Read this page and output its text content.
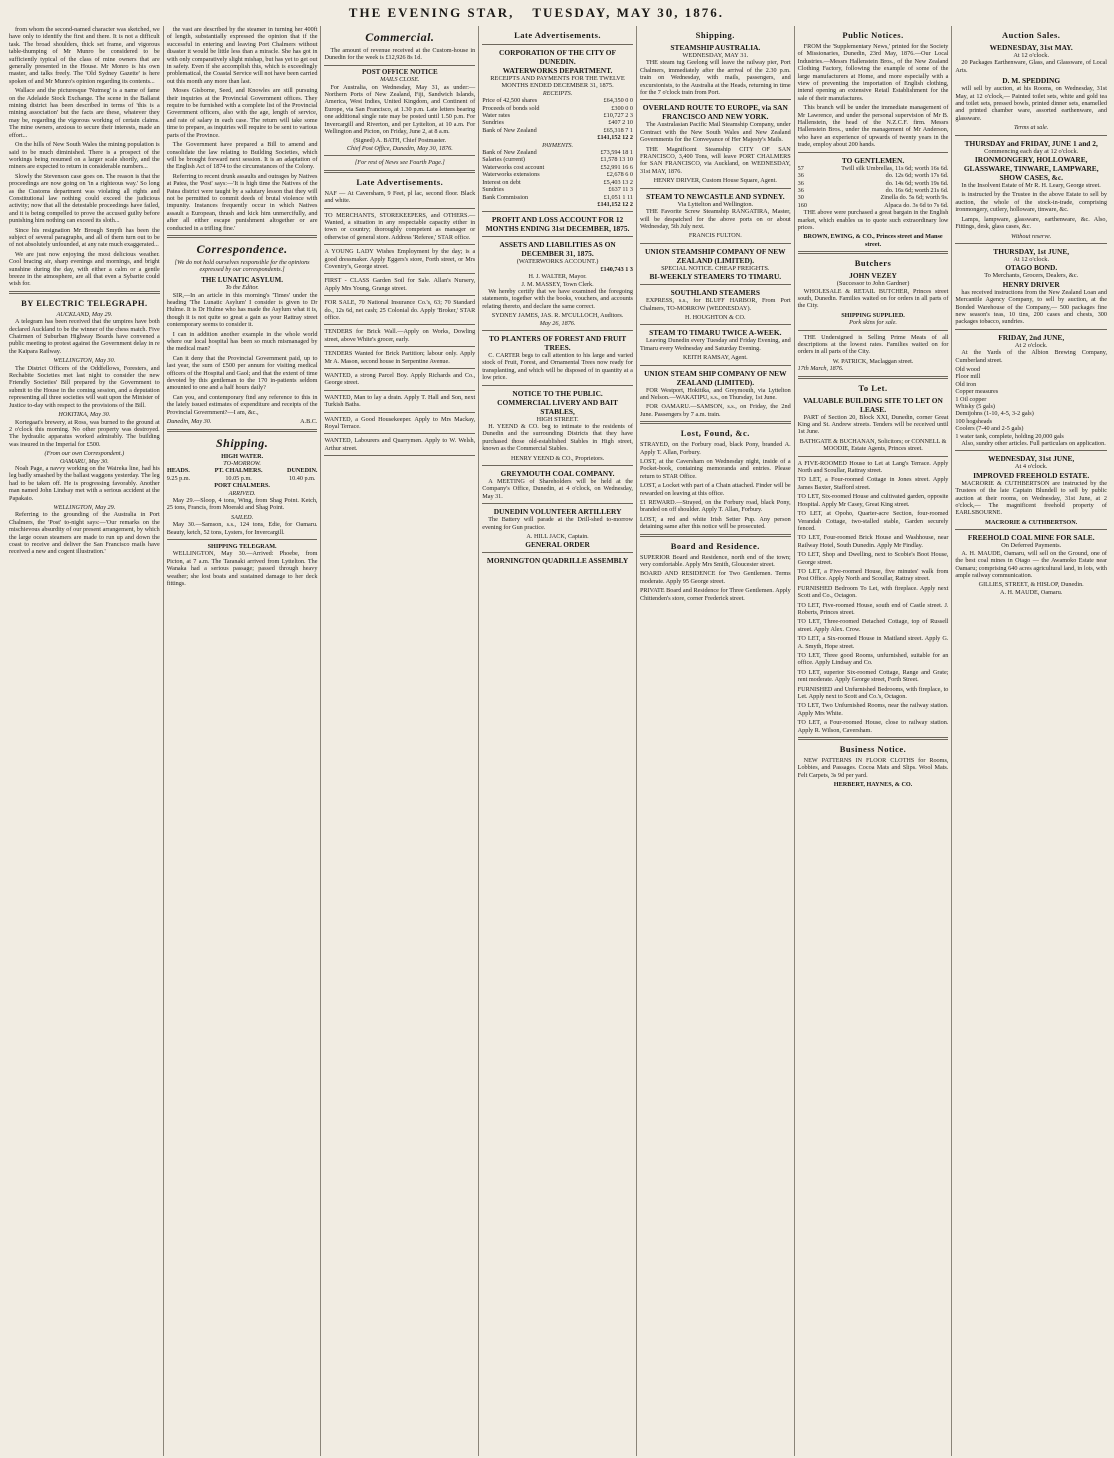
THE EVENING STAR, TUESDAY, MAY 30, 1876.

from whom the second-named character was sketched, we have only to identify the first and there. It is not a difficult task. The broad shoulders, thick set frame, and vigorous table-thumping of Mr Munro be considered to be sufficiently typical of the class of mine owners that are generally presented in the House. Mr Monro is his own master, and talks freely. The 'Old Sydney Gazette' is here spoken of and Mr Munro's opinion regarding its contents...

Wallace and the picturesque 'Nutmeg' is a name of fame on the Adelaide Stock Exchange. The scene in the Ballarat mining district has been described in terms of 'this is a mining association' but the facts are these, whatever they may be, regarding the vigorous working of certain claims. The mine owners, anxious to secure their interests, made an effort...

On the hills of New South Wales the mining population is said to be much diminished. There is a prospect of the workings being resumed on a larger scale shortly, and the miners are expected to return in considerable numbers...

Slowly the Stevenson case goes on. The reason is that the proceedings are now going on 'in a righteous way.' So long as the Customs department was violating all rights and Constitutional law nothing could exceed the judicious activity; now that all the detestable proceedings have failed, and it is being compelled to prove the accused guilty before punishing him nothing can exceed its sloth...

Since his resignation Mr Brough Smyth has been the subject of several paragraphs, and all of them turn out to be of not absolutely unfounded, at any rate much exaggerated...

We are just now enjoying the most delicious weather. Cool bracing air, sharp evenings and mornings, and bright sunshine during the day, with either a calm or a gentle breeze in the atmosphere, are all that even a Sybarite could wish for.

BY ELECTRIC TELEGRAPH.
AUCKLAND, May 29.

A telegram has been received that the umpires have both declared Auckland to be the winner of the chess match. Five Chairmen of Suburban Highway Boards have convened a public meeting to protest against the Government delay in re the Kaipara Railway.

WELLINGTON, May 30.

The District Officers of the Oddfellows, Foresters, and Rechabite Societies met last night to consider the new Friendly Societies' Bill prepared by the Government to submit to the House in the coming session, and a deputation representing all three societies will wait upon the Minister of Justice to-day with respect to the provisions of the Bill.

HOKITIKA, May 30.

Kortegaat's brewery, at Ross, was burned to the ground at 2 o'clock this morning. No other property was destroyed. The hydraulic apparatus worked admirably. The building was insured in the Imperial for £500.

(From our own Correspondent.)
OAMARU, May 30.

Noah Page, a navvy working on the Waireka line, had his leg badly smashed by the ballast waggons yesterday. The leg had to be taken off. He is progressing favorably. Another man named John Lindsay met with a serious accident at the Papakaio.

WELLINGTON, May 29.

Referring to the grounding of the Australia in Port Chalmers, the 'Post' to-night says:—'Our remarks on the mischievous absurdity of our present arrangement, by which the large ocean steamers are made to run up and down the coast to receive and deliver the San Francisco mails have received a new and cogent illustration.'

the vast are described by the steamer in turning her 400ft of length, substantially expressed the opinion that if the successful in entering and leaving Port Chalmers without disaster it would be little less than a miracle. She has got in with only comparatively slight mishap, but has yet to get out in safety. Even if she accomplish this, which is exceedingly problematical, the Coastal Service will not have been carried out this month any more than last.

Moses Gisborne, Seed, and Knowles are still pursuing their inquiries at the Provincial Government offices. They require to be furnished with a complete list of the Provincial Government officers, also with the age, length of service, and rate of salary in each case. The return will take some time to prepare, as inquiries will require to be sent to various parts of the Province.

The Government have prepared a Bill to amend and consolidate the law relating to Building Societies, which will be brought forward next session. It is an adaptation of the English Act of 1874 to the circumstances of the Colony.

Referring to recent drunk assaults and outrages by Natives at Patea, the 'Post' says:—'It is high time the Natives of the Patea district were taught by a salutary lesson that they will not be permitted to commit deeds of brutal violence with impunity. Instances frequently occur in which Natives assault a European, thrash and kick him unmercifully, and after all either escape punishment altogether or are conducted in a trifling fine.'

Correspondence.
[We do not hold ourselves responsible for the opinions expressed by our correspondents.]
THE LUNATIC ASYLUM.
To the Editor.

SIR,—In an article in this morning's 'Times' under the heading 'The Lunatic Asylum' I consider is given to Dr Hulme. It is Dr Hulme who has made the Asylum what it is, though it is not quite so great a gain as your Rattray street contemporary seems to consider it.

I can in addition another example in the whole world where our local hospital has been so much mismanaged by the medical man?

Can it deny that the Provincial Government paid, up to last year, the sum of £500 per annum for visiting medical officers of the Hospital and Gaol; and that the extent of time devoted by this gentleman to the 170 in-patients seldom amounted to one and a half hours daily?

Can you, and contemporary find any reference to this in the lately issued estimates of expenditure and receipts of the Provincial Government?—I am, &c.,

Dunedin, May 30.	A.B.C.
Shipping.
HIGH WATER.
TO-MORROW.
HEADS.
9.25 p.m.
PT. CHALMERS.
10.05 p.m.
DUNEDIN.
10.40 p.m.
PORT CHALMERS.
ARRIVED.

May 29.—Sloop, 4 tons, Wing, from Shag Point. Ketch, 25 tons, Francis, from Moeraki and Shag Point.

SAILED.

May 30.—Samson, s.s., 124 tons, Edie, for Oamaru. Beauty, ketch, 52 tons, Lysters, for Invercargill.

SHIPPING TELEGRAM.

WELLINGTON, May 30.—Arrived: Phoebe, from Picton, at 7 a.m. The Taranaki arrived from Lyttelton. The Wanaka had a serious passage; passed through heavy weather; she lost boats and sustained damage to her deck fittings.

Commercial.

The amount of revenue received at the Custom-house in Dunedin for the week is £12,926 8s 1d.

POST OFFICE NOTICE
MAILS CLOSE.

For Australia, on Wednesday, May 31, as under:— Northern Ports of New Zealand, Fiji, Sandwich Islands, America, West Indies, United Kingdom, and Continent of Europe, via San Francisco, at 1.30 p.m. Late letters bearing one additional single rate may be posted until 1.50 p.m. For Invercargill and Riverton, and per Lyttelton, at 10 a.m. For Wellington and Picton, on Friday, June 2, at 8 a.m.

(Signed) A. BATH, Chief Postmaster.
Chief Post Office, Dunedin, May 30, 1876.
[For rest of News see Fourth Page.]
Late Advertisements.
NAF — At Caversham, 9 Feet, pl lac, second floor. Black and white.
TO MERCHANTS, STOREKEEPERS, and OTHERS.—Wanted, a situation in any respectable capacity either in town or country; thoroughly competent as manager or otherwise of general store. Address 'Referee,' STAR office.
A YOUNG LADY Wishes Employment by the day; is a good dressmaker. Apply Eggers's store, Forth street, or Mrs Coventry's, George street.
FIRST - CLASS Garden Soil for Sale. Allan's Nursery, Apply Mrs Young, Grange street.
FOR SALE, 70 National Insurance Co.'s, 63; 70 Standard do., 12s 6d, net cash; 25 Colonial do. Apply 'Broker,' STAR office.
TENDERS for Brick Wall.—Apply on Works, Dowling street, above White's grocer, early.
TENDERS Wanted for Brick Partition; labour only. Apply Mr A. Mason, second house in Serpentine Avenue.
WANTED, a strong Parcel Boy. Apply Richards and Co., George street.
WANTED, Man to lay a drain. Apply T. Hall and Son, next Turkish Baths.
WANTED, a Good Housekeeper. Apply to Mrs Mackay, Royal Terrace.
WANTED, Labourers and Quarrymen. Apply to W. Welsh, Arthur street.
Late Advertisements.
CORPORATION OF THE CITY OF DUNEDIN.
WATERWORKS DEPARTMENT.
RECEIPTS AND PAYMENTS FOR THE TWELVE MONTHS ENDED DECEMBER 31, 1875.
RECEIPTS.
Price of 42,500 shares	£64,350 0 0
Proceeds of bonds sold	£300 0 0
Water rates	£10,727 2 3
Sundries	£407 2 10
Bank of New Zealand	£65,318 7 1
£141,152 12 2
PAYMENTS.
Bank of New Zealand	£73,594 18 1
Salaries (current)	£1,578 13 10
Waterworks cost account	£52,991 16 6
Waterworks extensions	£2,678 6 0
Interest on debt	£5,403 13 2
Sundries	£637 11 3
Bank Commission	£1,051 1 11
£141,152 12 2
PROFIT AND LOSS ACCOUNT FOR 12 MONTHS ENDING 31st DECEMBER, 1875.
ASSETS AND LIABILITIES AS ON DECEMBER 31, 1875.
(WATERWORKS ACCOUNT.)
£140,743 1 3
H. J. WALTER, Mayor.
J. M. MASSEY, Town Clerk.

We hereby certify that we have examined the foregoing statements, together with the books, vouchers, and accounts relating thereto, and declare the same correct.

SYDNEY JAMES, JAS. R. M'CULLOCH, Auditors.
May 26, 1876.
TO PLANTERS OF FOREST AND FRUIT TREES.

C. CARTER begs to call attention to his large and varied stock of Fruit, Forest, and Ornamental Trees now ready for transplanting, and which will be disposed of in quantity at a low price.

NOTICE TO THE PUBLIC.
COMMERCIAL LIVERY AND BAIT STABLES,
HIGH STREET.

H. YEEND & CO. beg to intimate to the residents of Dunedin and the surrounding Districts that they have purchased those old-established Stables in High street, known as the Commercial Stables.

HENRY YEEND & CO., Proprietors.
GREYMOUTH COAL COMPANY.

A MEETING of Shareholders will be held at the Company's Office, Dunedin, at 4 o'clock, on Wednesday, May 31.

DUNEDIN VOLUNTEER ARTILLERY

The Battery will parade at the Drill-shed to-morrow evening for Gun practice.

A. HILL JACK, Captain.
GENERAL ORDER
MORNINGTON QUADRILLE ASSEMBLY
Shipping.
STEAMSHIP AUSTRALIA.
WEDNESDAY, MAY 31.

THE steam tug Geelong will leave the railway pier, Port Chalmers, immediately after the arrival of the 2.30 p.m. train on Wednesday, with mails, passengers, and excursionists, to the Australia at the Heads, returning in time for the 7 o'clock train from Port.

OVERLAND ROUTE TO EUROPE, via SAN FRANCISCO AND NEW YORK.

The Australasian Pacific Mail Steamship Company, under Contract with the New South Wales and New Zealand Governments for the Conveyance of Her Majesty's Mails.

THE Magnificent Steamship CITY OF SAN FRANCISCO, 3,400 Tons, will leave PORT CHALMERS for SAN FRANCISCO, via Auckland, on WEDNESDAY, 31st MAY, 1876.

HENRY DRIVER, Custom House Square, Agent.
STEAM TO NEWCASTLE AND SYDNEY.
Via Lyttelton and Wellington.

THE Favorite Screw Steamship RANGATIRA, Master, will be despatched for the above ports on or about Wednesday, 5th July next.

FRANCIS FULTON.
UNION STEAMSHIP COMPANY OF NEW ZEALAND (LIMITED).
SPECIAL NOTICE. CHEAP FREIGHTS.
BI-WEEKLY STEAMERS TO TIMARU.
SOUTHLAND STEAMERS

EXPRESS, s.s., for BLUFF HARBOR, From Port Chalmers, TO-MORROW (WEDNESDAY).

H. HOUGHTON & CO.
STEAM TO TIMARU TWICE A-WEEK.

Leaving Dunedin every Tuesday and Friday Evening, and Timaru every Wednesday and Saturday Evening.

KEITH RAMSAY, Agent.
UNION STEAM SHIP COMPANY OF NEW ZEALAND (LIMITED).

FOR Westport, Hokitika, and Greymouth, via Lyttelton and Nelson.—WAKATIPU, s.s., on Thursday, 1st June.

FOR OAMARU.—SAMSON, s.s., on Friday, the 2nd June. Passengers by 7 a.m. train.

Lost, Found, &c.
STRAYED, on the Forbury road, black Pony, branded A. Apply T. Allan, Forbury.
LOST, at the Caversham on Wednesday night, inside of a Pocket-book, containing memoranda and entries. Please return to STAR Office.
LOST, a Locket with part of a Chain attached. Finder will be rewarded on leaving at this office.
£1 REWARD.—Strayed, on the Forbury road, black Pony, branded on off shoulder. Apply T. Allan, Forbury.
LOST, a red and white Irish Setter Pup. Any person detaining same after this notice will be prosecuted.
Board and Residence.
SUPERIOR Board and Residence, north end of the town; very comfortable. Apply Mrs Smith, Gloucester street.
BOARD AND RESIDENCE for Two Gentlemen. Terms moderate. Apply 95 George street.
PRIVATE Board and Residence for Three Gentlemen. Apply Chittenden's store, corner Frederick street.
Public Notices.

FROM the 'Supplementary News,' printed for the Society of Missionaries, Dunedin, 23rd May, 1876.—Our Local Industries.—Messrs Hallenstein Bros., of the New Zealand Clothing Factory, following the example of some of the large manufacturers at Home, and more especially with a view of preventing the importation of English clothing, intend opening an extensive Retail Establishment for the sale of their manufactures.

This branch will be under the immediate management of Mr Lawrence, and under the personal supervision of Mr B. Hallenstein, the head of the N.Z.C.F. firm. Messrs Hallenstein Bros., under the management of Mr Anderson, who have an experience of upwards of twenty years in the trade, employ about 200 hands.

TO GENTLEMEN.
57	Twill silk Umbrellas, 11s 6d; worth 16s 6d.
36	do. 12s 6d; worth 17s 6d.
36	do. 14s 6d; worth 19s 6d.
36	do. 16s 6d; worth 21s 6d.
30	Zinella do. 5s 6d; worth 9s.
160	Alpaca do. 3s 6d to 7s 6d.

THE above were purchased a great bargain in the English market, which enables us to quote such extraordinary low prices.

BROWN, EWING, & CO., Princes street and Manse street.
Butchers
JOHN VEZEY
(Successor to John Gardner)

WHOLESALE & RETAIL BUTCHER, Princes street south, Dunedin. Families waited on for orders in all parts of the City.

SHIPPING SUPPLIED.
Pork skins for sale.

THE Undersigned is Selling Prime Meats of all descriptions at the lowest rates. Families waited on for orders in all parts of the City.

W. PATRICK, Maclaggan street.
17th March, 1876.
To Let.
VALUABLE BUILDING SITE TO LET ON LEASE.

PART of Section 20, Block XXI, Dunedin, corner Great King and St. Andrew streets. Tenders will be received until 1st June.

BATHGATE & BUCHANAN, Solicitors; or CONNELL & MOODIE, Estate Agents, Princes street.
A FIVE-ROOMED House to Let at Lang's Terrace. Apply North and Scoullar, Rattray street.
TO LET, a Four-roomed Cottage in Jones street. Apply James Baxter, Stafford street.
TO LET, Six-roomed House and cultivated garden, opposite Hospital. Apply Mr Casey, Great King street.
TO LET, at Opoho, Quarter-acre Section, four-roomed Verandah Cottage, two-stalled stable, Garden securely fenced.
TO LET, Four-roomed Brick House and Washhouse, near Railway Hotel, South Dunedin. Apply Mr Findlay.
TO LET, Shop and Dwelling, next to Scobie's Boot House, George street.
TO LET, a Five-roomed House, five minutes' walk from Post Office. Apply North and Scoullar, Rattray street.
FURNISHED Bedroom To Let, with fireplace. Apply next Scott and Co., Octagon.
TO LET, Five-roomed House, south end of Castle street. J. Roberts, Princes street.
TO LET, Three-roomed Detached Cottage, top of Russell street. Apply Alex. Crow.
TO LET, a Six-roomed House in Maitland street. Apply G. A. Smyth, Hope street.
TO LET, Three good Rooms, unfurnished, suitable for an office. Apply Lindsay and Co.
TO LET, superior Six-roomed Cottage, Range and Grate; rent moderate. Apply George street, Forth Street.
FURNISHED and Unfurnished Bedrooms, with fireplace, to Let. Apply next to Scott and Co.'s, Octagon.
TO LET, Two Unfurnished Rooms, near the railway station. Apply Mrs White.
TO LET, a Four-roomed House, close to railway station. Apply R. Wilson, Caversham.
Business Notice.

NEW PATTERNS IN FLOOR CLOTHS for Rooms, Lobbies, and Passages. Cocoa Mats and Slips. Wool Mats. Felt Carpets, 3s 9d per yard.

HERBERT, HAYNES, & CO.
Auction Sales.
WEDNESDAY, 31st MAY.
At 12 o'clock.

20 Packages Earthenware, Glass, and Glassware, of Local Arts.

D. M. SPEDDING

will sell by auction, at his Rooms, on Wednesday, 31st May, at 12 o'clock,— Painted toilet sets, white and gold tea and toilet sets, pressed bowls, printed dinner sets, enamelled and printed chamber ware, assorted earthenware, and glassware.

Terms at sale.
THURSDAY and FRIDAY, JUNE 1 and 2,
Commencing each day at 12 o'clock.
IRONMONGERY, HOLLOWARE, GLASSWARE, TINWARE, LAMPWARE, SHOW CASES, &c.

In the Insolvent Estate of Mr R. H. Leary, George street.

is instructed by the Trustee in the above Estate to sell by auction, the whole of the stock-in-trade, comprising ironmongery, cutlery, holloware, tinware, &c.

Lamps, lampware, glassware, earthenware, &c. Also, Fittings, desk, glass cases, &c.

Without reserve.
THURSDAY, 1st JUNE,
At 12 o'clock.
OTAGO BOND.
To Merchants, Grocers, Dealers, &c.
HENRY DRIVER

has received instructions from the New Zealand Loan and Mercantile Agency Company, to sell by auction, at the Bonded Warehouse of the Company,— 500 packages fine new season's teas, 10 tins, 200 cases and chests, 300 packages tobacco, sundries.

FRIDAY, 2nd JUNE,
At 2 o'clock.

At the Yards of the Albion Brewing Company, Cumberland street.

Old wood
Floor mill
Old iron
Copper measures
1 Oil copper
Whisky (5 gals)
Demijohns (1-10, 4-5, 3-2 gals)
100 hogsheads
Coolers (7-40 and 2-5 gals)
1 water tank, complete, holding 20,000 gals

Also, sundry other articles. Full particulars on application.

WEDNESDAY, 31st JUNE,
At 4 o'clock.
IMPROVED FREEHOLD ESTATE.

MACRORIE & CUTHBERTSON are instructed by the Trustees of the late Captain Blundell to sell by public auction at their rooms, on Wednesday, 31st June, at 2 o'clock,— The magnificent freehold property of EARLSBOURNE.

MACRORIE & CUTHBERTSON.
FREEHOLD COAL MINE FOR SALE.
On Deferred Payments.

A. H. MAUDE, Oamaru, will sell on the Ground, one of the best coal mines in Otago — the Awamoko Estate near Oamaru; comprising 640 acres agricultural land, in lots, with ample railway communication.

GILLIES, STREET, & HISLOP, Dunedin.
A. H. MAUDE, Oamaru.
